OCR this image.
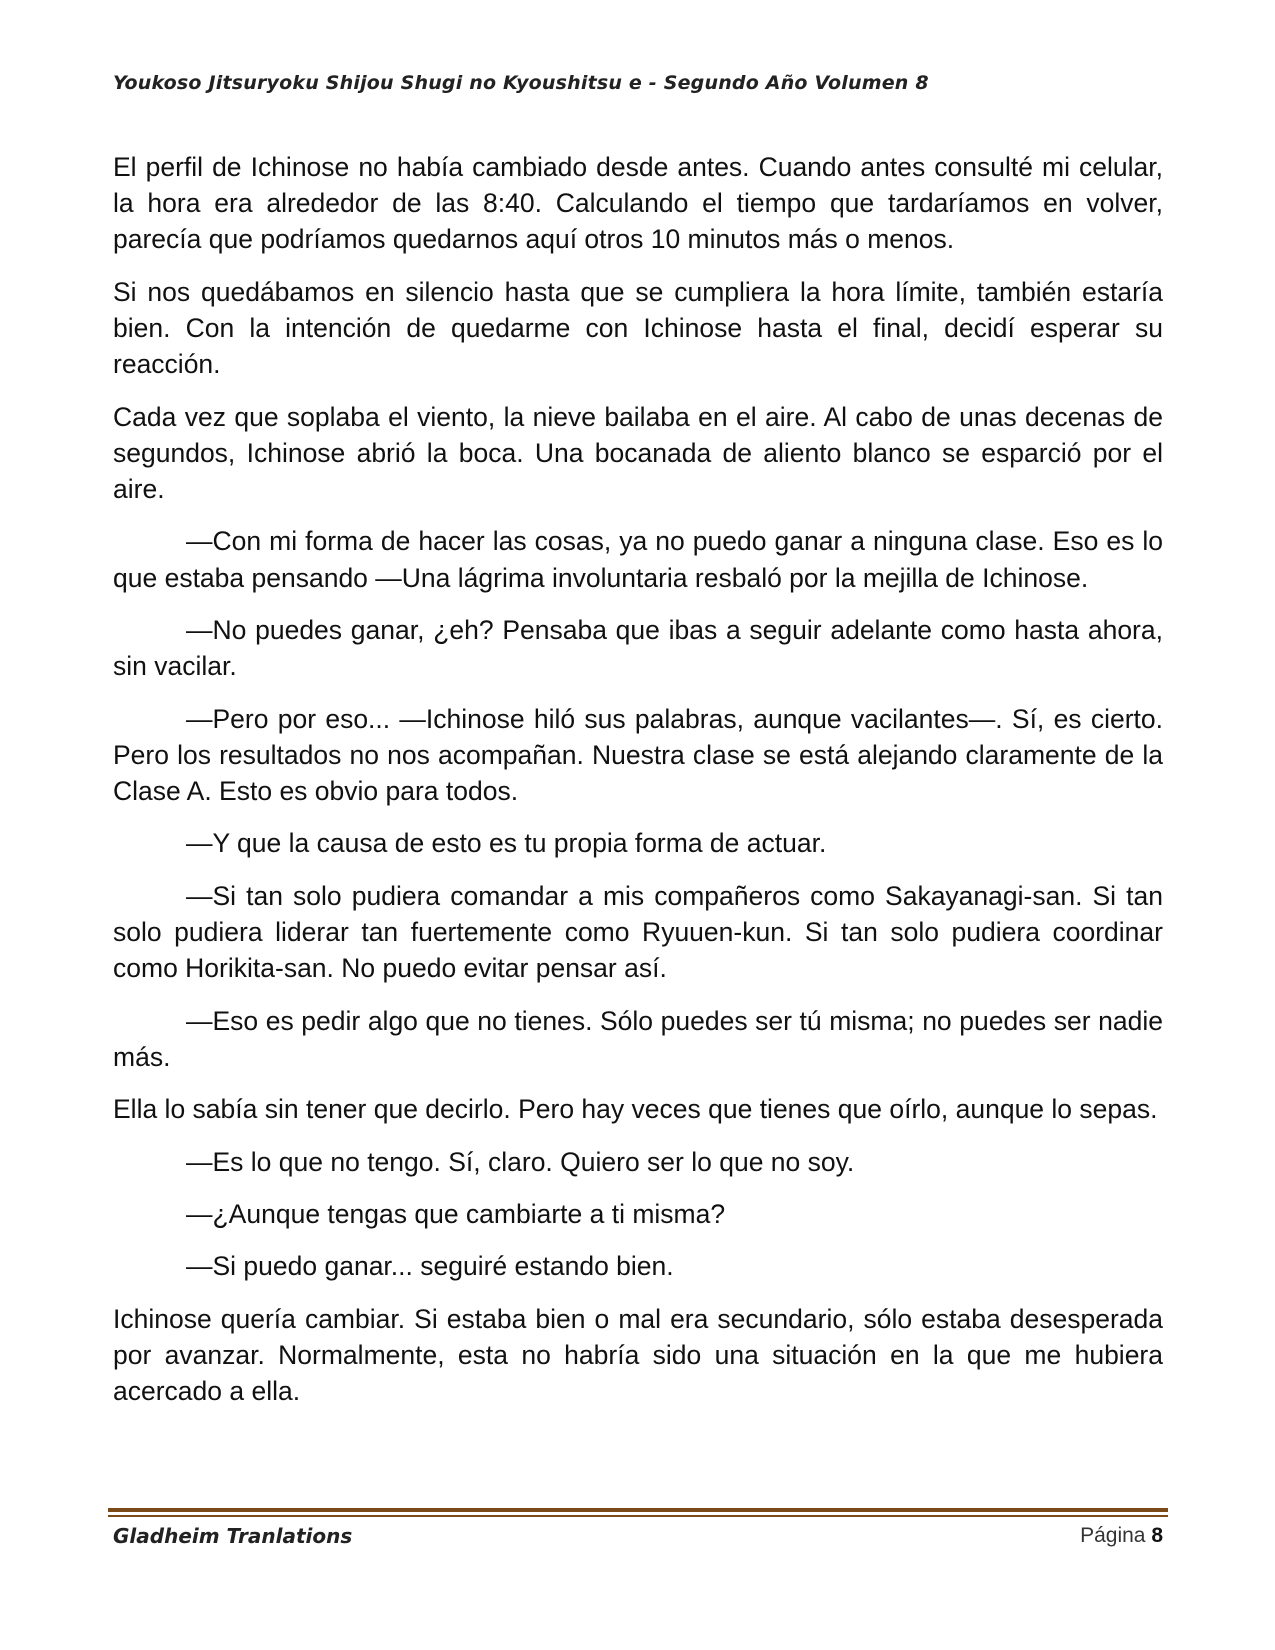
Youkoso Jitsuryoku Shijou Shugi no Kyoushitsu e - Segundo Año Volumen 8

El perfil de Ichinose no había cambiado desde antes. Cuando antes consulté mi celular, la hora era alrededor de las 8:40. Calculando el tiempo que tardaríamos en volver, parecía que podríamos quedarnos aquí otros 10 minutos más o menos.

Si nos quedábamos en silencio hasta que se cumpliera la hora límite, también estaría bien. Con la intención de quedarme con Ichinose hasta el final, decidí esperar su reacción.

Cada vez que soplaba el viento, la nieve bailaba en el aire. Al cabo de unas decenas de segundos, Ichinose abrió la boca. Una bocanada de aliento blanco se esparció por el aire.

—Con mi forma de hacer las cosas, ya no puedo ganar a ninguna clase. Eso es lo que estaba pensando —Una lágrima involuntaria resbaló por la mejilla de Ichinose.

—No puedes ganar, ¿eh? Pensaba que ibas a seguir adelante como hasta ahora, sin vacilar.

—Pero por eso... —Ichinose hiló sus palabras, aunque vacilantes—. Sí, es cierto. Pero los resultados no nos acompañan. Nuestra clase se está alejando claramente de la Clase A. Esto es obvio para todos.

—Y que la causa de esto es tu propia forma de actuar.

—Si tan solo pudiera comandar a mis compañeros como Sakayanagi-san. Si tan solo pudiera liderar tan fuertemente como Ryuuen-kun. Si tan solo pudiera coordinar como Horikita-san. No puedo evitar pensar así.

—Eso es pedir algo que no tienes. Sólo puedes ser tú misma; no puedes ser nadie más.

Ella lo sabía sin tener que decirlo. Pero hay veces que tienes que oírlo, aunque lo sepas.

—Es lo que no tengo. Sí, claro. Quiero ser lo que no soy.

—¿Aunque tengas que cambiarte a ti misma?

—Si puedo ganar... seguiré estando bien.

Ichinose quería cambiar. Si estaba bien o mal era secundario, sólo estaba desesperada por avanzar. Normalmente, esta no habría sido una situación en la que me hubiera acercado a ella.

Gladheim Tranlations	Página 8
